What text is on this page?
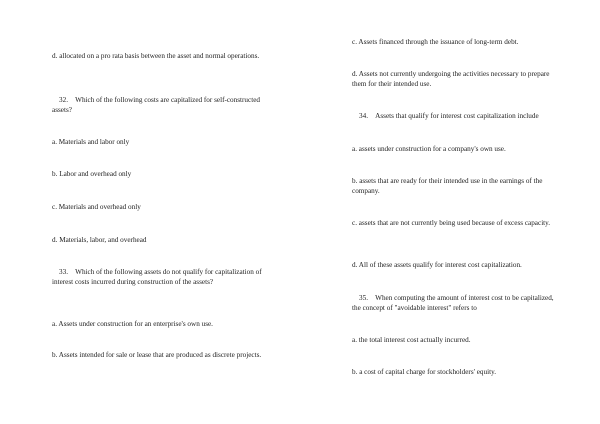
d. allocated on a pro rata basis between the asset and normal operations.

32. Which of the following costs are capitalized for self-constructed assets?

a. Materials and labor only

b. Labor and overhead only

c. Materials and overhead only

d. Materials, labor, and overhead

33. Which of the following assets do not qualify for capitalization of interest costs incurred during construction of the assets?

a. Assets under construction for an enterprise's own use.

b. Assets intended for sale or lease that are produced as discrete projects.

c. Assets financed through the issuance of long-term debt.

d. Assets not currently undergoing the activities necessary to prepare them for their intended use.

34. Assets that qualify for interest cost capitalization include

a. assets under construction for a company's own use.

b. assets that are ready for their intended use in the earnings of the company.

c. assets that are not currently being used because of excess capacity.

d. All of these assets qualify for interest cost capitalization.

35. When computing the amount of interest cost to be capitalized, the concept of "avoidable interest" refers to

a. the total interest cost actually incurred.

b. a cost of capital charge for stockholders' equity.
